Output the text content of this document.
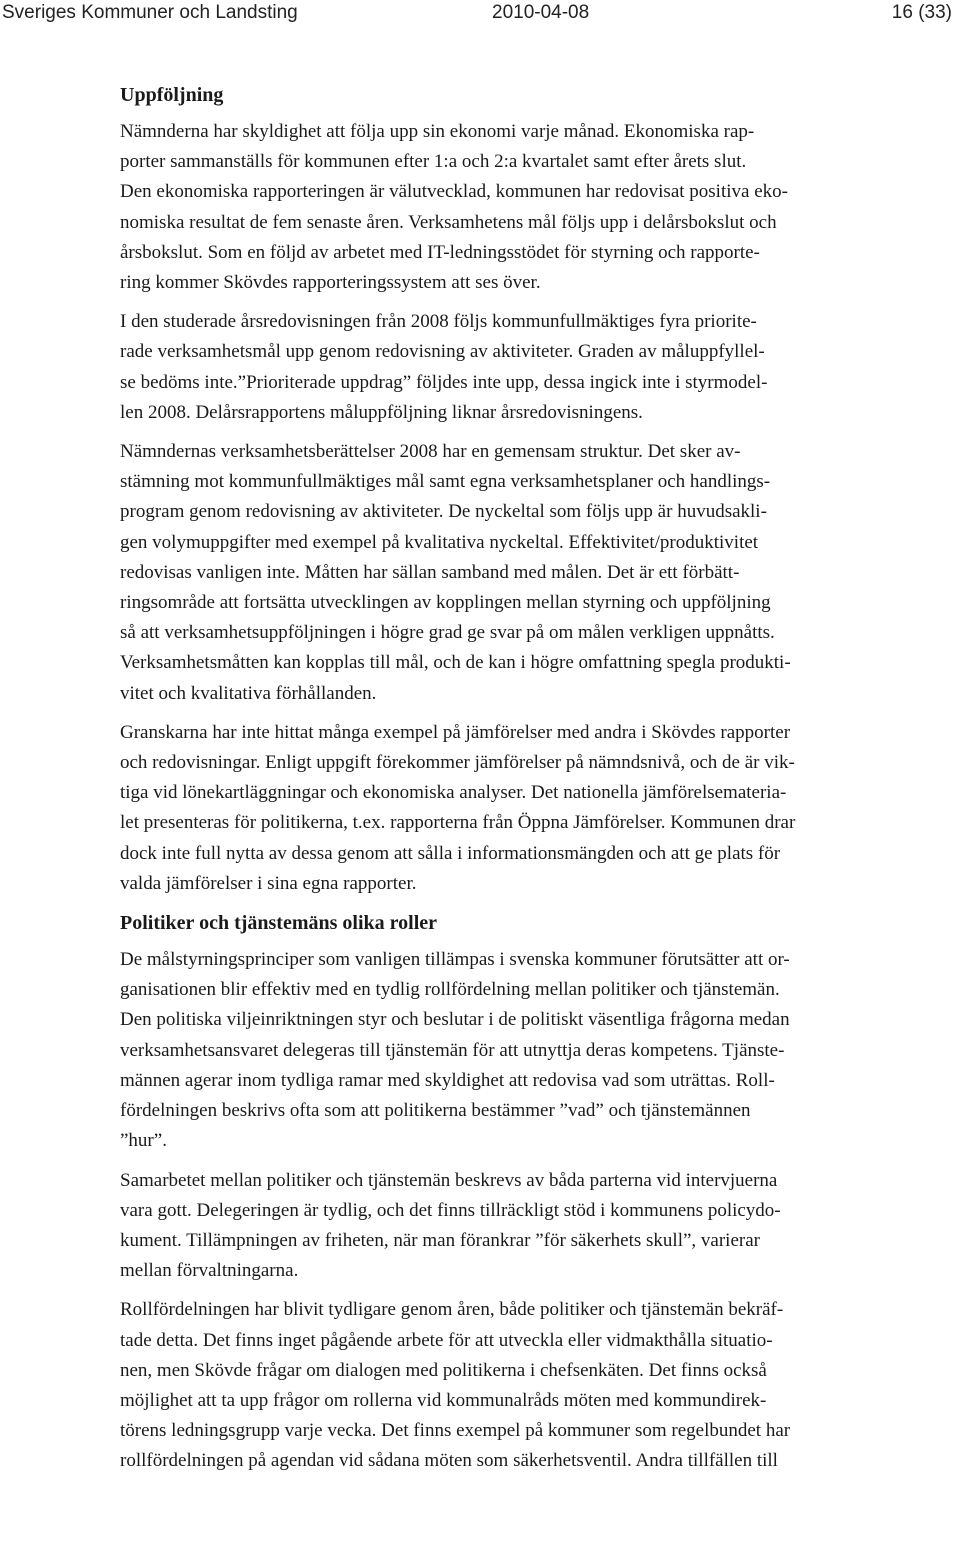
Sveriges Kommuner och Landsting	2010-04-08	16 (33)
Uppföljning

Nämnderna har skyldighet att följa upp sin ekonomi varje månad. Ekonomiska rap-
porter sammanställs för kommunen efter 1:a och 2:a kvartalet samt efter årets slut.
Den ekonomiska rapporteringen är välutvecklad, kommunen har redovisat positiva eko-
nomiska resultat de fem senaste åren. Verksamhetens mål följs upp i delårsbokslut och
årsbokslut. Som en följd av arbetet med IT-ledningsstödet för styrning och rapporte-
ring kommer Skövdes rapporteringssystem att ses över.

I den studerade årsredovisningen från 2008 följs kommunfullmäktiges fyra priorite-
rade verksamhetsmål upp genom redovisning av aktiviteter. Graden av måluppfyllel-
se bedöms inte.”Prioriterade uppdrag” följdes inte upp, dessa ingick inte i styrmodel-
len 2008. Delårsrapportens måluppföljning liknar årsredovisningens.

Nämndernas verksamhetsberättelser 2008 har en gemensam struktur. Det sker av-
stämning mot kommunfullmäktiges mål samt egna verksamhetsplaner och handlings-
program genom redovisning av aktiviteter. De nyckeltal som följs upp är huvudsakli-
gen volymuppgifter med exempel på kvalitativa nyckeltal. Effektivitet/produktivitet
redovisas vanligen inte. Måtten har sällan samband med målen. Det är ett förbätt-
ringsområde att fortsätta utvecklingen av kopplingen mellan styrning och uppföljning
så att verksamhetsuppföljningen i högre grad ge svar på om målen verkligen uppnåtts.
Verksamhetsmåtten kan kopplas till mål, och de kan i högre omfattning spegla produkti-
vitet och kvalitativa förhållanden.

Granskarna har inte hittat många exempel på jämförelser med andra i Skövdes rapporter
och redovisningar. Enligt uppgift förekommer jämförelser på nämndsnivå, och de är vik-
tiga vid lönekartläggningar och ekonomiska analyser. Det nationella jämförelsemateria-
let presenteras för politikerna, t.ex. rapporterna från Öppna Jämförelser. Kommunen drar
dock inte full nytta av dessa genom att sålla i informationsmängden och att ge plats för
valda jämförelser i sina egna rapporter.

Politiker och tjänstemäns olika roller

De målstyrningsprinciper som vanligen tillämpas i svenska kommuner förutsätter att or-
ganisationen blir effektiv med en tydlig rollfördelning mellan politiker och tjänstemän.
Den politiska viljeinriktningen styr och beslutar i de politiskt väsentliga frågorna medan
verksamhetsansvaret delegeras till tjänstemän för att utnyttja deras kompetens. Tjänste-
männen agerar inom tydliga ramar med skyldighet att redovisa vad som uträttas. Roll-
fördelningen beskrivs ofta som att politikerna bestämmer ”vad” och tjänstemännen
”hur”.

Samarbetet mellan politiker och tjänstemän beskrevs av båda parterna vid intervjuerna
vara gott. Delegeringen är tydlig, och det finns tillräckligt stöd i kommunens policydo-
kument. Tillämpningen av friheten, när man förankrar ”för säkerhets skull”, varierar
mellan förvaltningarna.

Rollfördelningen har blivit tydligare genom åren, både politiker och tjänstemän bekräf-
tade detta. Det finns inget pågående arbete för att utveckla eller vidmakthålla situatio-
nen, men Skövde frågar om dialogen med politikerna i chefsenkäten. Det finns också
möjlighet att ta upp frågor om rollerna vid kommunalråds möten med kommundirek-
törens ledningsgrupp varje vecka. Det finns exempel på kommuner som regelbundet har
rollfördelningen på agendan vid sådana möten som säkerhetsventil. Andra tillfällen till
